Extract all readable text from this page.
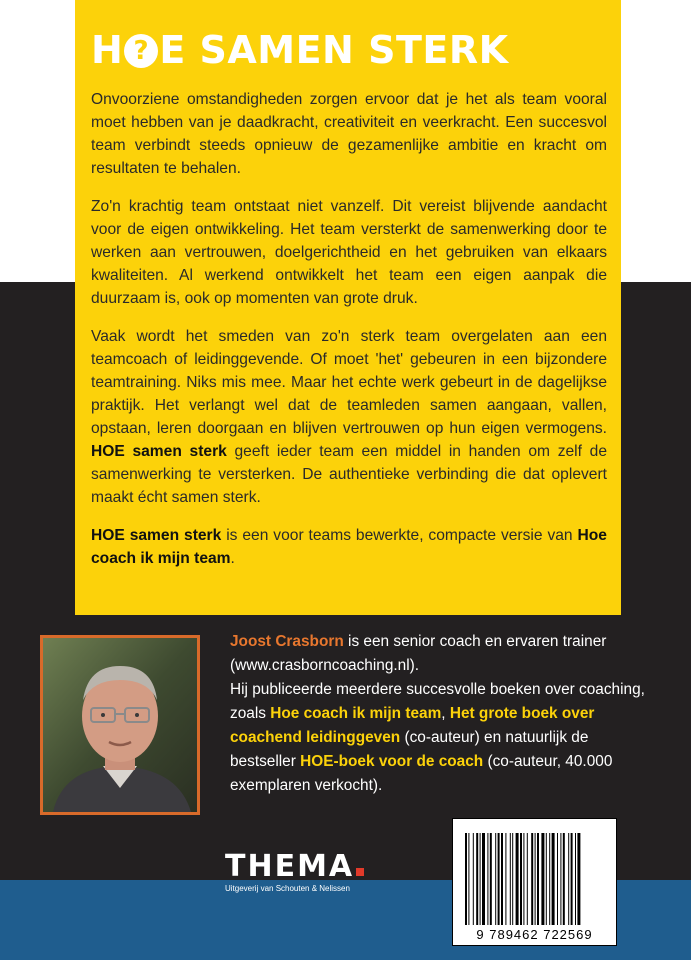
H ? E SAMEN STERK

Onvoorziene omstandigheden zorgen ervoor dat je het als team vooral moet hebben van je daadkracht, creativiteit en veerkracht. Een succesvol team verbindt steeds opnieuw de gezamenlijke ambitie en kracht om resultaten te behalen.

Zo'n krachtig team ontstaat niet vanzelf. Dit vereist blijvende aandacht voor de eigen ontwikkeling. Het team versterkt de samenwerking door te werken aan vertrouwen, doelgerichtheid en het gebruiken van elkaars kwaliteiten. Al werkend ontwikkelt het team een eigen aanpak die duurzaam is, ook op momenten van grote druk.

Vaak wordt het smeden van zo'n sterk team overgelaten aan een teamcoach of leidinggevende. Of moet 'het' gebeuren in een bijzondere teamtraining. Niks mis mee. Maar het echte werk gebeurt in de dagelijkse praktijk. Het verlangt wel dat de teamleden samen aangaan, vallen, opstaan, leren doorgaan en blijven vertrouwen op hun eigen vermogens. HOE samen sterk geeft ieder team een middel in handen om zelf de samenwerking te versterken. De authentieke verbinding die dat oplevert maakt écht samen sterk.

HOE samen sterk is een voor teams bewerkte, compacte versie van Hoe coach ik mijn team.

Joost Crasborn is een senior coach en ervaren trainer (www.crasborncoaching.nl).
Hij publiceerde meerdere succesvolle boeken over coaching, zoals Hoe coach ik mijn team, Het grote boek over coachend leidinggeven (co-auteur) en natuurlijk de bestseller HOE-boek voor de coach (co-auteur, 40.000 exemplaren verkocht).
THEMA
Uitgeverij van Schouten & Nelissen
9 789462 722569
